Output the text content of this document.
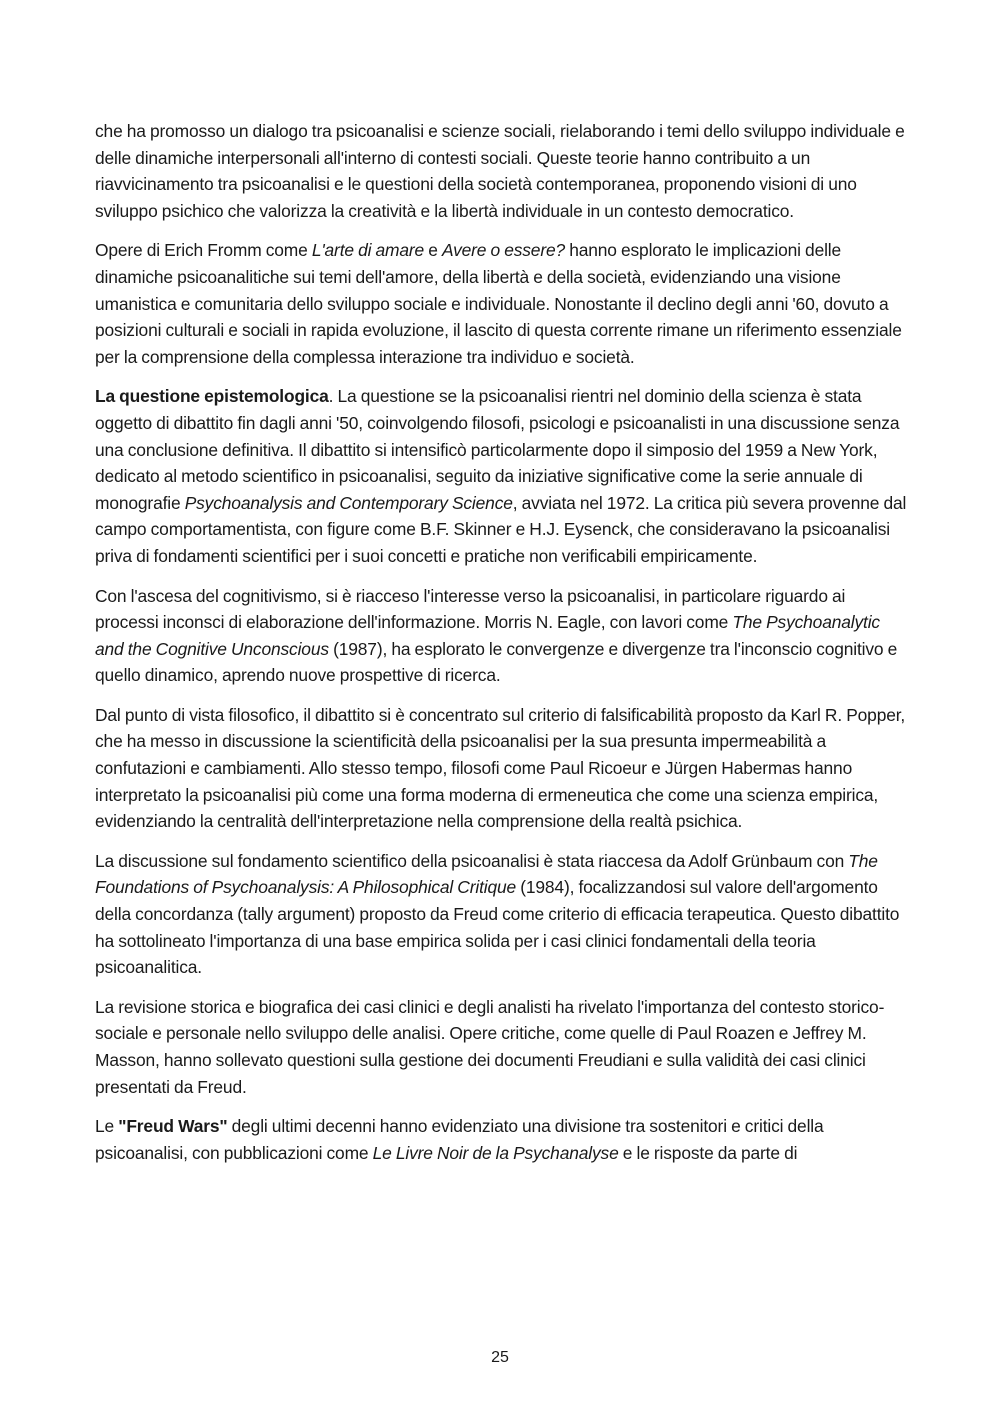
che ha promosso un dialogo tra psicoanalisi e scienze sociali, rielaborando i temi dello sviluppo individuale e delle dinamiche interpersonali all'interno di contesti sociali. Queste teorie hanno contribuito a un riavvicinamento tra psicoanalisi e le questioni della società contemporanea, proponendo visioni di uno sviluppo psichico che valorizza la creatività e la libertà individuale in un contesto democratico.

Opere di Erich Fromm come L'arte di amare e Avere o essere? hanno esplorato le implicazioni delle dinamiche psicoanalitiche sui temi dell'amore, della libertà e della società, evidenziando una visione umanistica e comunitaria dello sviluppo sociale e individuale. Nonostante il declino degli anni '60, dovuto a posizioni culturali e sociali in rapida evoluzione, il lascito di questa corrente rimane un riferimento essenziale per la comprensione della complessa interazione tra individuo e società.

La questione epistemologica. La questione se la psicoanalisi rientri nel dominio della scienza è stata oggetto di dibattito fin dagli anni '50, coinvolgendo filosofi, psicologi e psicoanalisti in una discussione senza una conclusione definitiva. Il dibattito si intensificò particolarmente dopo il simposio del 1959 a New York, dedicato al metodo scientifico in psicoanalisi, seguito da iniziative significative come la serie annuale di monografie Psychoanalysis and Contemporary Science, avviata nel 1972. La critica più severa provenne dal campo comportamentista, con figure come B.F. Skinner e H.J. Eysenck, che consideravano la psicoanalisi priva di fondamenti scientifici per i suoi concetti e pratiche non verificabili empiricamente.

Con l'ascesa del cognitivismo, si è riacceso l'interesse verso la psicoanalisi, in particolare riguardo ai processi inconsci di elaborazione dell'informazione. Morris N. Eagle, con lavori come The Psychoanalytic and the Cognitive Unconscious (1987), ha esplorato le convergenze e divergenze tra l'inconscio cognitivo e quello dinamico, aprendo nuove prospettive di ricerca.

Dal punto di vista filosofico, il dibattito si è concentrato sul criterio di falsificabilità proposto da Karl R. Popper, che ha messo in discussione la scientificità della psicoanalisi per la sua presunta impermeabilità a confutazioni e cambiamenti. Allo stesso tempo, filosofi come Paul Ricoeur e Jürgen Habermas hanno interpretato la psicoanalisi più come una forma moderna di ermeneutica che come una scienza empirica, evidenziando la centralità dell'interpretazione nella comprensione della realtà psichica.

La discussione sul fondamento scientifico della psicoanalisi è stata riaccesa da Adolf Grünbaum con The Foundations of Psychoanalysis: A Philosophical Critique (1984), focalizzandosi sul valore dell'argomento della concordanza (tally argument) proposto da Freud come criterio di efficacia terapeutica. Questo dibattito ha sottolineato l'importanza di una base empirica solida per i casi clinici fondamentali della teoria psicoanalitica.

La revisione storica e biografica dei casi clinici e degli analisti ha rivelato l'importanza del contesto storico-sociale e personale nello sviluppo delle analisi. Opere critiche, come quelle di Paul Roazen e Jeffrey M. Masson, hanno sollevato questioni sulla gestione dei documenti Freudiani e sulla validità dei casi clinici presentati da Freud.

Le "Freud Wars" degli ultimi decenni hanno evidenziato una divisione tra sostenitori e critici della psicoanalisi, con pubblicazioni come Le Livre Noir de la Psychanalyse e le risposte da parte di

25
